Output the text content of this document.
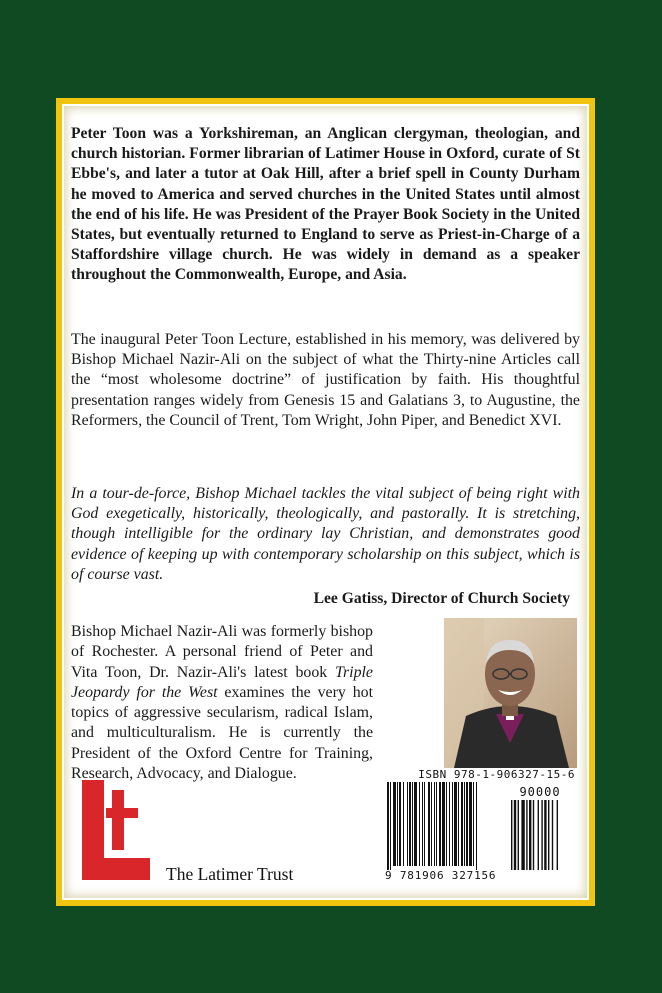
Peter Toon was a Yorkshireman, an Anglican clergyman, theologian, and church historian. Former librarian of Latimer House in Oxford, curate of St Ebbe's, and later a tutor at Oak Hill, after a brief spell in County Durham he moved to America and served churches in the United States until almost the end of his life. He was President of the Prayer Book Society in the United States, but eventually returned to England to serve as Priest-in-Charge of a Staffordshire village church. He was widely in demand as a speaker throughout the Commonwealth, Europe, and Asia.
The inaugural Peter Toon Lecture, established in his memory, was delivered by Bishop Michael Nazir-Ali on the subject of what the Thirty-nine Articles call the “most wholesome doctrine” of justification by faith. His thoughtful presentation ranges widely from Genesis 15 and Galatians 3, to Augustine, the Reformers, the Council of Trent, Tom Wright, John Piper, and Benedict XVI.
In a tour-de-force, Bishop Michael tackles the vital subject of being right with God exegetically, historically, theologically, and pastorally. It is stretching, though intelligible for the ordinary lay Christian, and demonstrates good evidence of keeping up with contemporary scholarship on this subject, which is of course vast.
Lee Gatiss, Director of Church Society
Bishop Michael Nazir-Ali was formerly bishop of Rochester. A personal friend of Peter and Vita Toon, Dr. Nazir-Ali's latest book Triple Jeopardy for the West examines the very hot topics of aggressive secularism, radical Islam, and multiculturalism. He is currently the President of the Oxford Centre for Training, Research, Advocacy, and Dialogue.
The Latimer Trust
ISBN 978-1-906327-15-6
90000
9 781906 327156
